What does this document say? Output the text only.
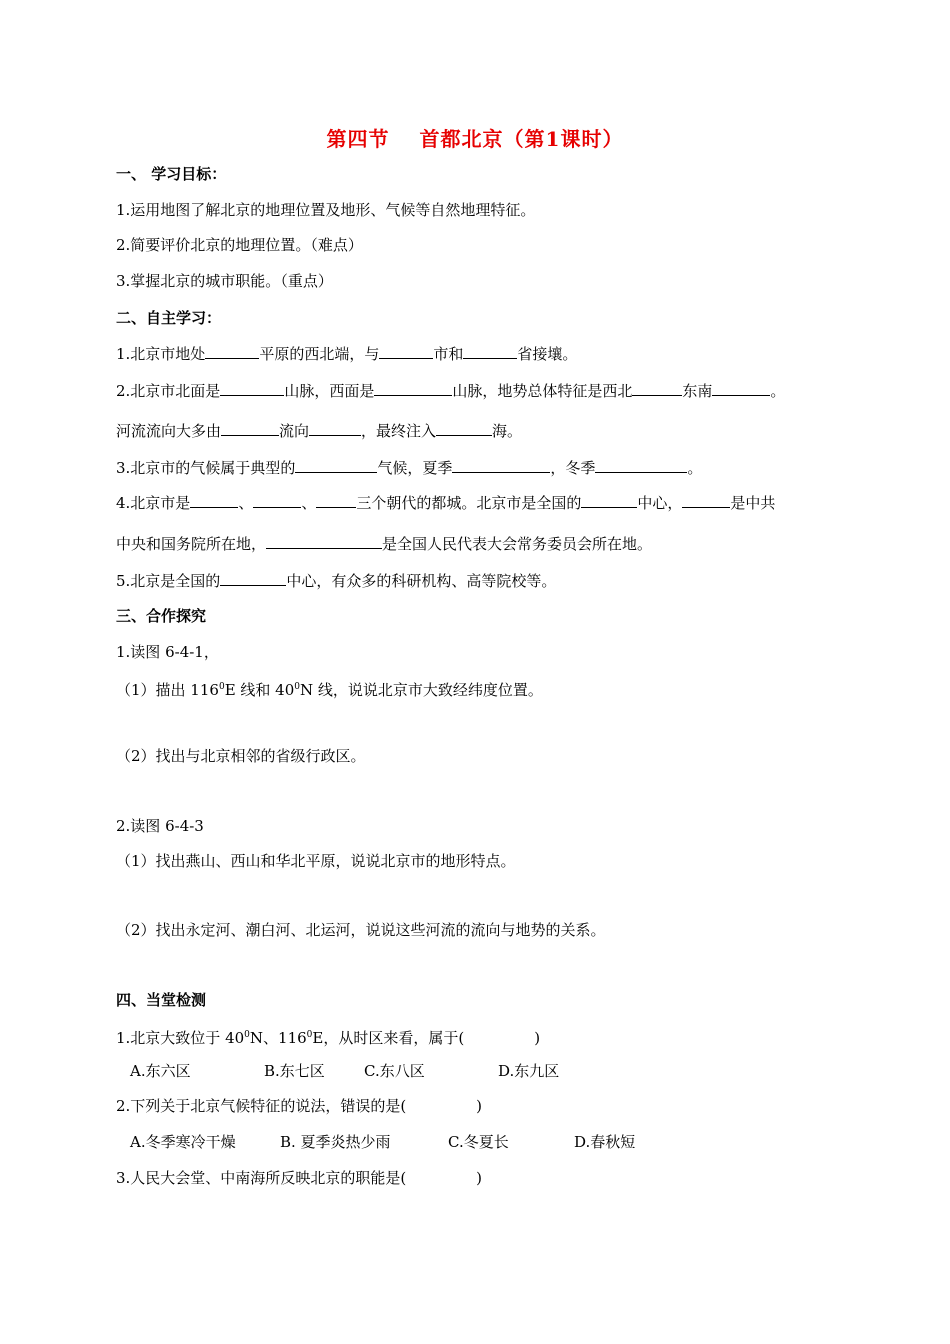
第四节 首都北京（第1课时）
一、 学习目标：
1.运用地图了解北京的地理位置及地形、气候等自然地理特征。
2.简要评价北京的地理位置。（难点）
3.掌握北京的城市职能。（重点）
二、自主学习：
1.北京市地处	平原的西北端，与	市和	省接壤。
2.北京市北面是	山脉，西面是	山脉，地势总体特征是西北	东南	。
河流流向大多由	流向	，最终注入	海。
3.北京市的气候属于典型的	气候，夏季	，冬季	。
4.北京市是	、	、	三个朝代的都城。北京市是全国的	中心，	是中共
中央和国务院所在地，	是全国人民代表大会常务委员会所在地。
5.北京是全国的	中心，有众多的科研机构、高等院校等。
三、合作探究
1.读图 6-4-1，
（1）描出 $116^0E$ 线和 $40^0N$ 线，说说北京市大致经纬度位置。
（2）找出与北京相邻的省级行政区。
2.读图 6-4-3
（1）找出燕山、西山和华北平原，说说北京市的地形特点。
（2）找出永定河、潮白河、北运河，说说这些河流的流向与地势的关系。
四、当堂检测
1.北京大致位于 $40^0N$、$116^0E$，从时区来看，属于(	)
A.东六区	B.东七区	C.东八区	D.东九区
2.下列关于北京气候特征的说法，错误的是(	)
A.冬季寒冷干燥	B. 夏季炎热少雨	C.冬夏长	D.春秋短
3.人民大会堂、中南海所反映北京的职能是(	)
